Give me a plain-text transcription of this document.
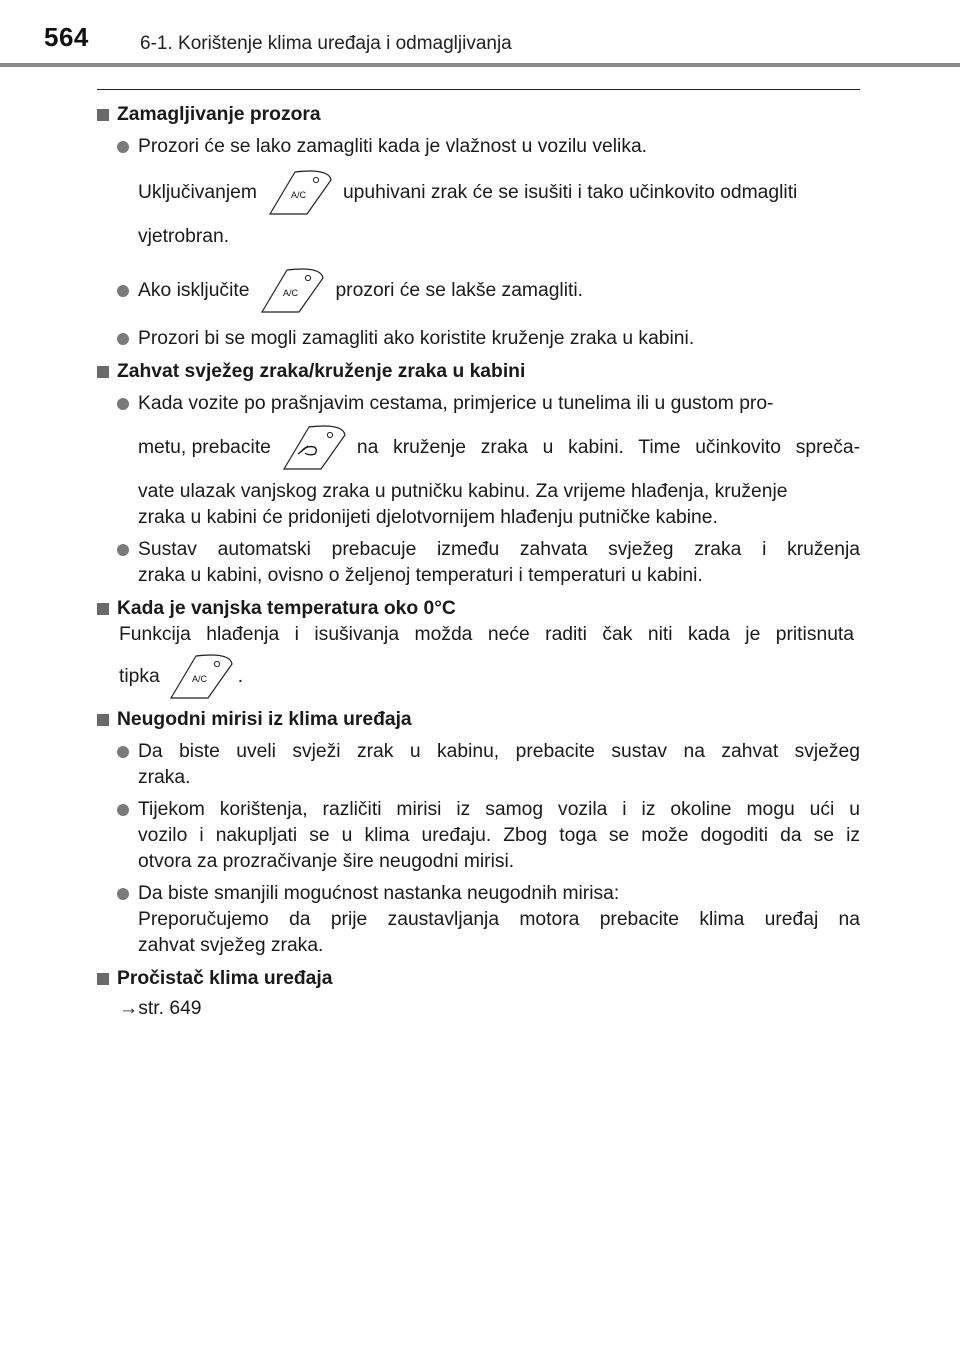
564	6-1. Korištenje klima uređaja i odmagljivanja
Zamagljivanje prozora
Prozori će se lako zamagliti kada je vlažnost u vozilu velika.
Uključivanjem	A/C upuhivani zrak će se isušiti i tako učinkovito odmagliti
vjetrobran.
Ako isključite	A/C prozori će se lakše zamagliti.
Prozori bi se mogli zamagliti ako koristite kruženje zraka u kabini.
Zahvat svježeg zraka/kruženje zraka u kabini
Kada vozite po prašnjavim cestama, primjerice u tunelima ili u gustom pro-
metu, prebacite	na kruženje zraka u kabini. Time učinkovito spreča-
vate ulazak vanjskog zraka u putničku kabinu. Za vrijeme hlađenja, kruženje
zraka u kabini će pridonijeti djelotvornijem hlađenju putničke kabine.
Sustav automatski prebacuje između zahvata svježeg zraka i kruženja
zraka u kabini, ovisno o željenoj temperaturi i temperaturi u kabini.
Kada je vanjska temperatura oko 0°C
Funkcija hlađenja i isušivanja možda neće raditi čak niti kada je pritisnuta
tipka	A/C .
Neugodni mirisi iz klima uređaja
Da biste uveli svježi zrak u kabinu, prebacite sustav na zahvat svježeg
zraka.
Tijekom korištenja, različiti mirisi iz samog vozila i iz okoline mogu ući u
vozilo i nakupljati se u klima uređaju. Zbog toga se može dogoditi da se iz
otvora za prozračivanje šire neugodni mirisi.
Da biste smanjili mogućnost nastanka neugodnih mirisa:
Preporučujemo da prije zaustavljanja motora prebacite klima uređaj na
zahvat svježeg zraka.
Pročistač klima uređaja
→str. 649
